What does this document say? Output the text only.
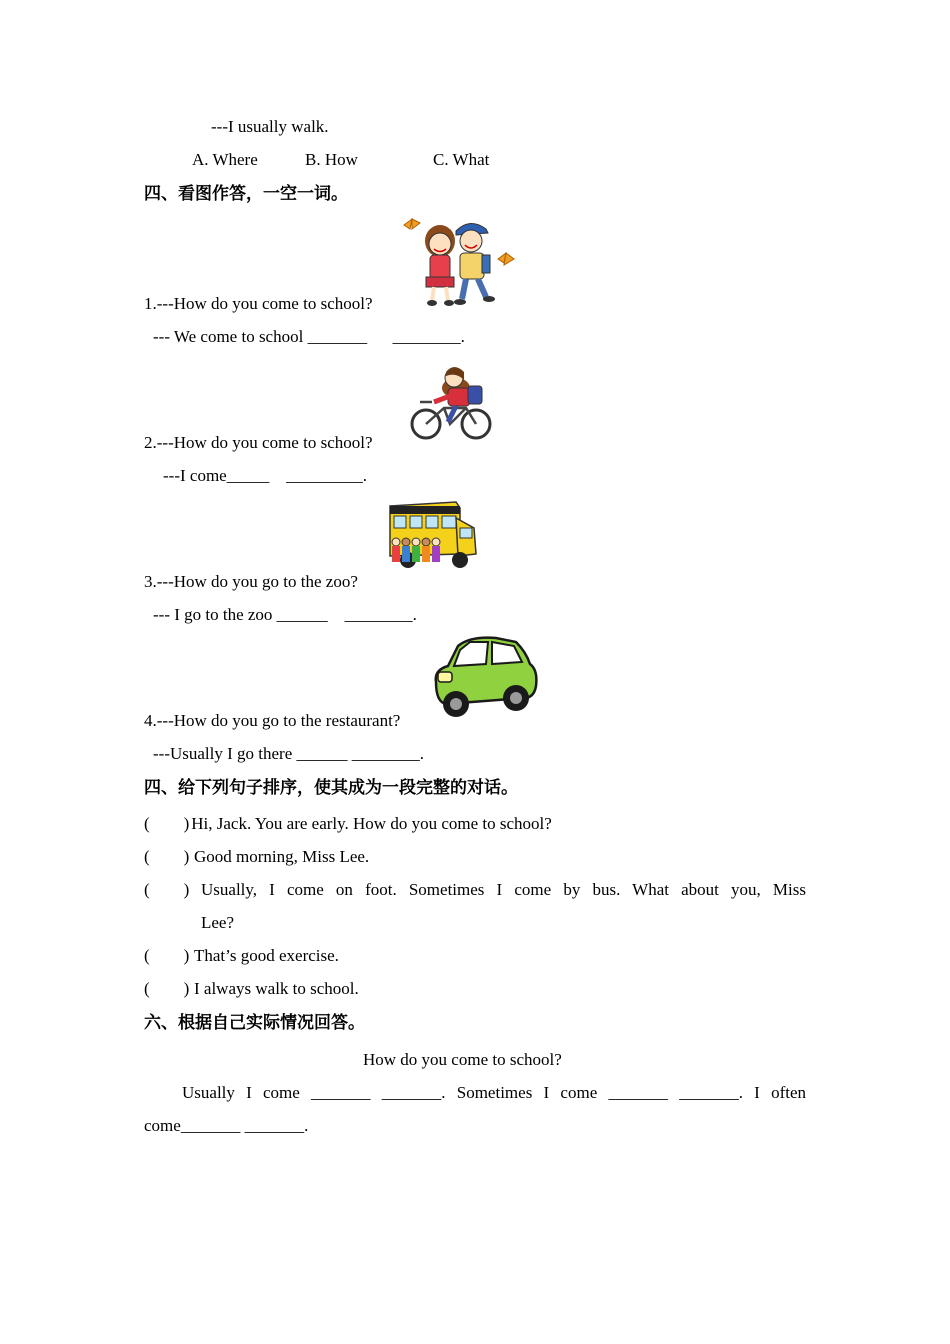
---I usually walk.
A. Where	B. How	C. What
四、看图作答，一空一词。
1.---How do you come to school?
--- We come to school _______      ________.
2.---How do you come to school?
---I come_____    _________.
3.---How do you go to the zoo?
--- I go to the zoo ______    ________.
4.---How do you go to the restaurant?
---Usually I go there ______ ________.
四、给下列句子排序，使其成为一段完整的对话。
(        )
Hi, Jack. You are early. How do you come to school?
(        ) Good morning, Miss Lee.
(        ) Usually, I come on foot. Sometimes I come by bus. What about you, Miss
Lee?
(        ) That’s good exercise.
(        ) I always walk to school.
六、根据自己实际情况回答。
How do you come to school?
Usually I come _______ _______. Sometimes I come _______ _______. I often
come_______ _______.
